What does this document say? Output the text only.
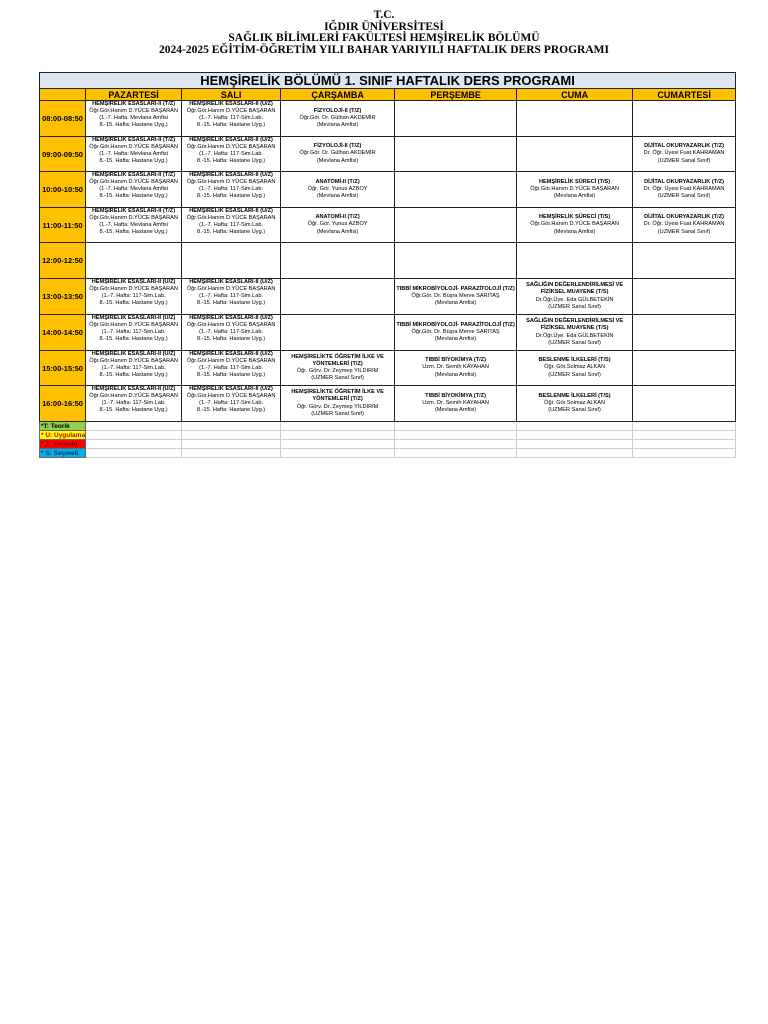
T.C.
IĞDIR ÜNİVERSİTESİ
SAĞLIK BİLİMLERİ FAKÜLTESİ HEMŞİRELİK BÖLÜMÜ
2024-2025 EĞİTİM-ÖĞRETİM YILI BAHAR YARIYILI HAFTALIK DERS PROGRAMI
HEMŞİRELİK BÖLÜMÜ 1. SINIF HAFTALIK DERS PROGRAMI						
	PAZARTESİ	SALI	ÇARŞAMBA	PERŞEMBE	CUMA	CUMARTESİ
08:00-08:50	HEMŞİRELİK ESASLARI-II (T/Z)
Öğr.Gör.Hanım D.YÜCE BAŞARAN
(1.-7. Hafta: Mevlana Amfisi
8.-15. Hafta: Hastane Uyg.)	HEMŞİRELİK ESASLARI-II (U/Z)
Öğr.Gör.Hanım D.YÜCE BAŞARAN
(1.-7. Hafta: 117-Sim.Lab.
8.-15. Hafta: Hastane Uyg.)	FİZYOLOJİ-II (T/Z)
Öğr.Gör. Dr. Gülhan AKDEMİR
(Mevlana Amfisi)			

09:00-09:50	HEMŞİRELİK ESASLARI-II (T/Z)
Öğr.Gör.Hanım D.YÜCE BAŞARAN
(1.-7. Hafta: Mevlana Amfisi
8.-15. Hafta: Hastane Uyg.)	HEMŞİRELİK ESASLARI-II (U/Z)
Öğr.Gör.Hanım D.YÜCE BAŞARAN
(1.-7. Hafta: 117-Sim.Lab.
8.-15. Hafta: Hastane Uyg.)	FİZYOLOJİ-II (T/Z)
Öğr.Gör. Dr. Gülhan AKDEMİR
(Mevlana Amfisi)			DİJİTAL OKURYAZARLIK (T/Z)
Dr. Öğr. Üyesi Fuat KAHRAMAN
(UZMER Sanal Sınıf)

10:00-10:50	HEMŞİRELİK ESASLARI-II (T/Z)
Öğr.Gör.Hanım D.YÜCE BAŞARAN
(1.-7. Hafta: Mevlana Amfisi
8.-15. Hafta: Hastane Uyg.)	HEMŞİRELİK ESASLARI-II (U/Z)
Öğr.Gör.Hanım D.YÜCE BAŞARAN
(1.-7. Hafta: 117-Sim.Lab.
8.-15. Hafta: Hastane Uyg.)	ANATOMİ-II (T/Z)
Öğr. Gör. Yunus AZBOY
(Mevlana Amfisi)		HEMŞİRELİK SÜRECİ (T/S)
Öğr.Gör.Hanım D.YÜCE BAŞARAN
(Mevlana Amfisi)	DİJİTAL OKURYAZARLIK (T/Z)
Dr. Öğr. Üyesi Fuat KAHRAMAN
(UZMER Sanal Sınıf)

11:00-11:50	HEMŞİRELİK ESASLARI-II (T/Z)
Öğr.Gör.Hanım D.YÜCE BAŞARAN
(1.-7. Hafta: Mevlana Amfisi
8.-15. Hafta: Hastane Uyg.)	HEMŞİRELİK ESASLARI-II (U/Z)
Öğr.Gör.Hanım D.YÜCE BAŞARAN
(1.-7. Hafta: 117-Sim.Lab.
8.-15. Hafta: Hastane Uyg.)	ANATOMİ-II (T/Z)
Öğr. Gör. Yunus AZBOY
(Mevlana Amfisi)		HEMŞİRELİK SÜRECİ (T/S)
Öğr.Gör.Hanım D.YÜCE BAŞARAN
(Mevlana Amfisi)	DİJİTAL OKURYAZARLIK (T/Z)
Dr. Öğr. Üyesi Fuat KAHRAMAN
(UZMER Sanal Sınıf)

12:00-12:50						
13:00-13:50	HEMŞİRELİK ESASLARI-II (U/Z)
Öğr.Gör.Hanım D.YÜCE BAŞARAN
(1.-7. Hafta: 117-Sim.Lab.
8.-15. Hafta: Hastane Uyg.)	HEMŞİRELİK ESASLARI-II (U/Z)
Öğr.Gör.Hanım D.YÜCE BAŞARAN
(1.-7. Hafta: 117-Sim.Lab.
8.-15. Hafta: Hastane Uyg.)		TIBBİ MİKROBİYOLOJİ- PARAZİTOLOJİ (T/Z)
Öğr.Gör. Dr. Büşra Merve SARITAŞ
(Mevlana Amfisi)	SAĞLIĞIN DEĞERLENDİRİLMESİ VE FİZİKSEL MUAYENE (T/S)
Dr.Öğr.Üye. Eda GÜLBETEKİN
(UZMER Sanal Sınıf)	

14:00-14:50	HEMŞİRELİK ESASLARI-II (U/Z)
Öğr.Gör.Hanım D.YÜCE BAŞARAN
(1.-7. Hafta: 117-Sim.Lab.
8.-15. Hafta: Hastane Uyg.)	HEMŞİRELİK ESASLARI-II (U/Z)
Öğr.Gör.Hanım D.YÜCE BAŞARAN
(1.-7. Hafta: 117-Sim.Lab.
8.-15. Hafta: Hastane Uyg.)		TIBBİ MİKROBİYOLOJİ- PARAZİTOLOJİ (T/Z)
Öğr.Gör. Dr. Büşra Merve SARITAŞ
(Mevlana Amfisi)	SAĞLIĞIN DEĞERLENDİRİLMESİ VE FİZİKSEL MUAYENE (T/S)
Dr.Öğr.Üye. Eda GÜLBETEKİN
(UZMER Sanal Sınıf)	

15:00-15:50	HEMŞİRELİK ESASLARI-II (U/Z)
Öğr.Gör.Hanım D.YÜCE BAŞARAN
(1.-7. Hafta: 117-Sim.Lab.
8.-15. Hafta: Hastane Uyg.)	HEMŞİRELİK ESASLARI-II (U/Z)
Öğr.Gör.Hanım D.YÜCE BAŞARAN
(1.-7. Hafta: 117-Sim.Lab.
8.-15. Hafta: Hastane Uyg.)	HEMŞİRELİKTE ÖĞRETİM İLKE VE YÖNTEMLERİ (T/Z)
Öğr. Görv. Dr. Zeymep YILDIRIM
(UZMER Sanal Sınıf)	TIBBİ BİYOKİMYA (T/Z)
Uzm. Dr. Semih KAYAHAN
(Mevlana Amfisi)	BESLENME İLKELERİ (T/S)
Öğr. Gör.Solmaz ALKAN
(UZMER Sanal Sınıf)	

16:00-16:50	HEMŞİRELİK ESASLARI-II (U/Z)
Öğr.Gör.Hanım D.YÜCE BAŞARAN
(1.-7. Hafta: 117-Sim.Lab.
8.-15. Hafta: Hastane Uyg.)	HEMŞİRELİK ESASLARI-II (U/Z)
Öğr.Gör.Hanım D.YÜCE BAŞARAN
(1.-7. Hafta: 117-Sim.Lab.
8.-15. Hafta: Hastane Uyg.)	HEMŞİRELİKTE ÖĞRETİM İLKE VE YÖNTEMLERİ (T/Z)
Öğr. Görv. Dr. Zeymep YILDIRIM
(UZMER Sanal Sınıf)	TIBBİ BİYOKİMYA (T/Z)
Uzm. Dr. Semih KAYAHAN
(Mevlana Amfisi)	BESLENME İLKELERİ (T/S)
Öğr. Gör.Solmaz ALKAN
(UZMER Sanal Sınıf)	

*T: Teorik						
* U: Uygulama						
* Z: Zorunlu						
* S: Seçmeli						
